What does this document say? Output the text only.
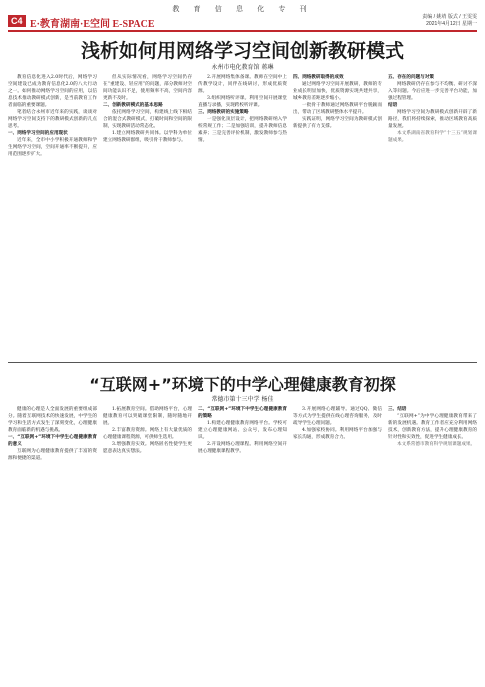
教 育 信 息 化 专 刊
C4 E·教育湖南·E空间 E-SPACE
责编 / 姚靖 版式 / 王雯雯
2021年4月12日 星期一
浅析如何用网络学习空间创新教研模式
永州市电化教育馆 蒋琳

教育信息化进入2.0时代后，网络学习空间建设已成为教育信息化2.0的八大行动之一。如何推动网络学习空间的应用，以信息技术推动教研模式创新，是当前教育工作者面临的重要课题。

笔者结合永州市近年来的实践，谈谈对网络学习空间支持下的教研模式创新的几点思考。

一、网络学习空间的应用现状

近年来，全市中小学积极开通教师和学生网络学习空间，空间开通率不断提升，应用范围逐步扩大。

但从实际情况看，网络学习空间仍存在“重建设、轻应用”的问题，部分教师对空间功能认识不足，使用频率不高，空间内容更新不及时。

二、创新教研模式的基本思路

依托网络学习空间，构建线上线下相结合的混合式教研模式，打破时间和空间的限制，实现教研活动常态化。

1.建立网络教研共同体。以学科为单位建立网络教研群组，吸引骨干教师参与。

2.开展网络集体备课。教师在空间中上传教学设计，同伴在线研讨，形成优质资源。

3.组织网络听评课。利用空间开展课堂直播与录播，实现跨校听评课。

三、网络教研的实施策略

一是强化顶层设计，把网络教研纳入学校常规工作；二是加强培训，提升教师信息素养；三是完善评价机制，激发教师参与热情。

四、网络教研取得的成效

通过网络学习空间开展教研，教师的专业成长明显加快，优质资源实现共建共享，城乡教育差距逐步缩小。

一批骨干教师通过网络教研平台脱颖而出，带动了区域教研整体水平提升。

实践证明，网络学习空间为教研模式创新提供了有力支撑。

五、存在的问题与对策

网络教研仍存在参与不均衡、研讨不深入等问题。今后应进一步完善平台功能，加强过程管理。

结语

网络学习空间为教研模式创新开辟了新路径，我们将持续探索，推动区域教育高质量发展。

本文系湖南省教育科学“十三五”规划课题成果。

“互联网+”环境下的中学心理健康教育初探
常德市第十三中学 杨佳

健康的心理是人全面发展的重要组成部分。随着互联网技术的快速发展，中学生的学习和生活方式发生了深刻变化，心理健康教育面临新的机遇与挑战。

一、“互联网+”环境下中学生心理健康教育的意义

互联网为心理健康教育提供了丰富的资源和便捷的渠道。

1.拓展教育空间。借助网络平台，心理健康教育可以突破课堂限制，随时随地开展。

2.丰富教育资源。网络上有大量优质的心理健康课程资源，可供师生选用。

3.增强教育实效。网络匿名性使学生更愿意表达真实想法。

二、“互联网+”环境下中学生心理健康教育的策略

1.构建心理健康教育网络平台。学校可建立心理健康网站、公众号，发布心理知识。

2.开设网络心理课程。利用网络空间开展心理健康课程教学。

3.开展网络心理辅导。通过QQ、微信等方式为学生提供在线心理咨询服务，及时疏导学生心理问题。

4.加强家校协同。利用网络平台加强与家长沟通，形成教育合力。

三、结语

“互联网+”为中学心理健康教育带来了新的发展机遇。教育工作者应充分利用网络技术，创新教育方法，提升心理健康教育的针对性和实效性，促进学生健康成长。

本文系常德市教育科学规划课题成果。
